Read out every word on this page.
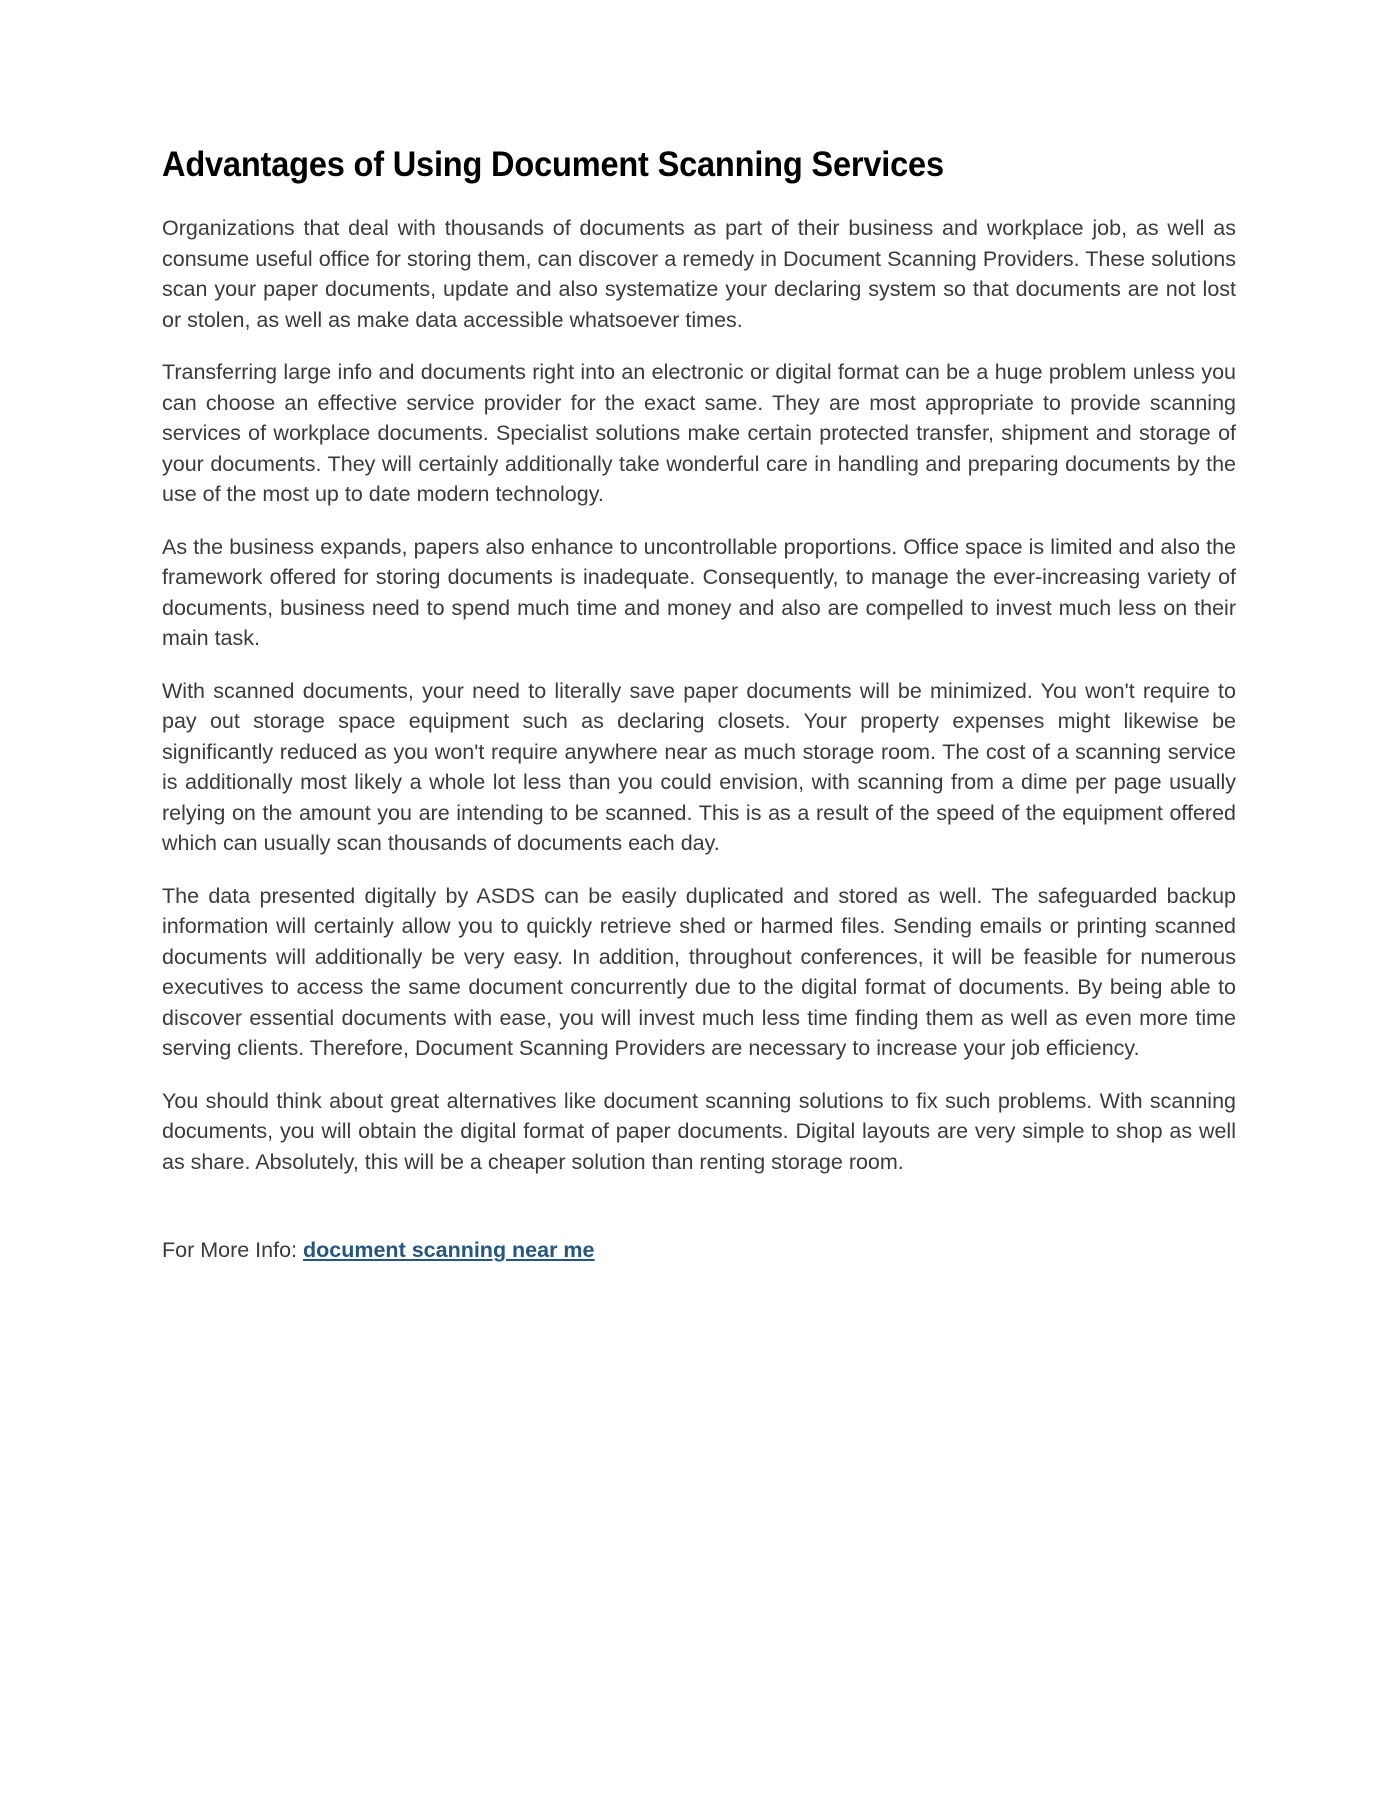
Advantages of Using Document Scanning Services

Organizations that deal with thousands of documents as part of their business and workplace job, as well as consume useful office for storing them, can discover a remedy in Document Scanning Providers. These solutions scan your paper documents, update and also systematize your declaring system so that documents are not lost or stolen, as well as make data accessible whatsoever times.

Transferring large info and documents right into an electronic or digital format can be a huge problem unless you can choose an effective service provider for the exact same. They are most appropriate to provide scanning services of workplace documents. Specialist solutions make certain protected transfer, shipment and storage of your documents. They will certainly additionally take wonderful care in handling and preparing documents by the use of the most up to date modern technology.

As the business expands, papers also enhance to uncontrollable proportions. Office space is limited and also the framework offered for storing documents is inadequate. Consequently, to manage the ever-increasing variety of documents, business need to spend much time and money and also are compelled to invest much less on their main task.

With scanned documents, your need to literally save paper documents will be minimized. You won't require to pay out storage space equipment such as declaring closets. Your property expenses might likewise be significantly reduced as you won't require anywhere near as much storage room. The cost of a scanning service is additionally most likely a whole lot less than you could envision, with scanning from a dime per page usually relying on the amount you are intending to be scanned. This is as a result of the speed of the equipment offered which can usually scan thousands of documents each day.

The data presented digitally by ASDS can be easily duplicated and stored as well. The safeguarded backup information will certainly allow you to quickly retrieve shed or harmed files. Sending emails or printing scanned documents will additionally be very easy. In addition, throughout conferences, it will be feasible for numerous executives to access the same document concurrently due to the digital format of documents. By being able to discover essential documents with ease, you will invest much less time finding them as well as even more time serving clients. Therefore, Document Scanning Providers are necessary to increase your job efficiency.

You should think about great alternatives like document scanning solutions to fix such problems. With scanning documents, you will obtain the digital format of paper documents. Digital layouts are very simple to shop as well as share. Absolutely, this will be a cheaper solution than renting storage room.

For More Info: document scanning near me
